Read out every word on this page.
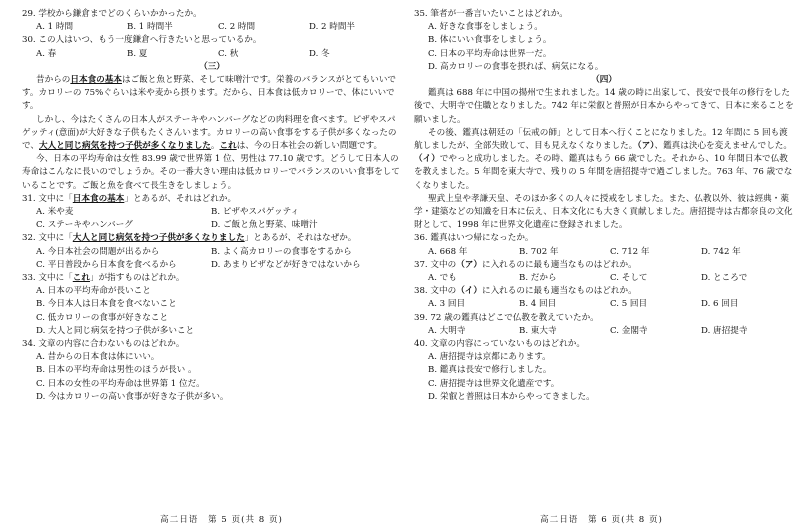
29. 学校から鎌倉までどのくらいかかったか。
A. 1 時間	B. 1 時間半	C. 2 時間	D. 2 時間半
30. この人はいつ、もう一度鎌倉へ行きたいと思っているか。
A. 春	B. 夏	C. 秋	D. 冬
（三）
昔からの日本食の基本はご飯と魚と野菜、そして味噌汁です。栄養のバランスがとてもいいです。カロリーの 75%ぐらいは米や麦から摂ります。だから、日本食は低カロリーで、体にいいです。
しかし、今はたくさんの日本人がステーキやハンバーグなどの肉料理を食べます。ピザやスパゲッティ(意面)が大好きな子供もたくさんいます。カロリーの高い食事をする子供が多くなったので、大人と同じ病気を持つ子供が多くなりました。これは、今の日本社会の新しい問題です。
今、日本の平均寿命は女性 83.99 歳で世界第 1 位、男性は 77.10 歳です。どうして日本人の寿命はこんなに長いのでしょうか。その一番大きい理由は低カロリーでバランスのいい食事をしていることです。ご飯と魚を食べて長生きをしましょう。
31. 文中に「日本食の基本」とあるが、それはどれか。
A. 米や麦	B. ピザやスパゲッティ
C. ステーキやハンバーグ	D. ご飯と魚と野菜、味噌汁
32. 文中に「大人と同じ病気を持つ子供が多くなりました」とあるが、それはなぜか。
A. 今日本社会の問題が出るから	B. よく高カロリーの食事をするから
C. 平日普段から日本食を食べるから	D. あまりピザなどが好きではないから
33. 文中に「これ」が指すものはどれか。
A. 日本の平均寿命が長いこと
B. 今日本人は日本食を食べないこと
C. 低カロリーの食事が好きなこと
D. 大人と同じ病気を持つ子供が多いこと
34. 文章の内容に合わないものはどれか。
A. 昔からの日本食は体にいい。
B. 日本の平均寿命は男性のほうが長い 。
C. 日本の女性の平均寿命は世界第 1 位だ。
D. 今はカロリーの高い食事が好きな子供が多い。
35. 筆者が一番言いたいことはどれか。
A. 好きな食事をしましょう。
B. 体にいい食事をしましょう。
C. 日本の平均寿命は世界一だ。
D. 高カロリーの食事を摂れば、病気になる。
（四）
鑑真は 688 年に中国の揚州で生まれました。14 歳の時に出家して、長安で長年の修行をした後で、大明寺で住職となりました。742 年に栄叡と普照が日本からやってきて、日本に来ることを願いました。
その後、鑑真は朝廷の「伝戒の師」として日本へ行くことになりました。12 年間に 5 回も渡航しましたが、全部失敗して、目も見えなくなりました。（ア）、鑑真は決心を変えませんでした。（イ）でやっと成功しました。その時、鑑真はもう 66 歳でした。それから、10 年間日本で仏教を教えました。5 年間を東大寺で、残りの 5 年間を唐招提寺で過ごしました。763 年、76 歳でなくなりました。
聖武上皇や孝謙天皇、そのほか多くの人々に授戒をしました。また、仏教以外、彼は經典・薬学・建築などの知識を日本に伝え、日本文化にも大きく貢献しました。唐招提寺は古都奈良の文化財として、1998 年に世界文化遺産に登録されました。
36. 鑑真はいつ帰になったか。
A. 668 年	B. 702 年	C. 712 年	D. 742 年
37. 文中の（ア）に入れるのに最も適当なものはどれか。
A. でも	B. だから	C. そして	D. ところで
38. 文中の（イ）に入れるのに最も適当なものはどれか。
A. 3 回目	B. 4 回目	C. 5 回目	D. 6 回目
39. 72 歳の鑑真はどこで仏教を教えていたか。
A. 大明寺	B. 東大寺	C. 金閣寺	D. 唐招提寺
40. 文章の内容にっていないものはどれか。
A. 唐招提寺は京都にあります。
B. 鑑真は長安で修行しました。
C. 唐招提寺は世界文化遺産です。
D. 栄叡と普照は日本からやってきました。
高二日语　第 5 页(共 8 页)	高二日语　第 6 页(共 8 页)
